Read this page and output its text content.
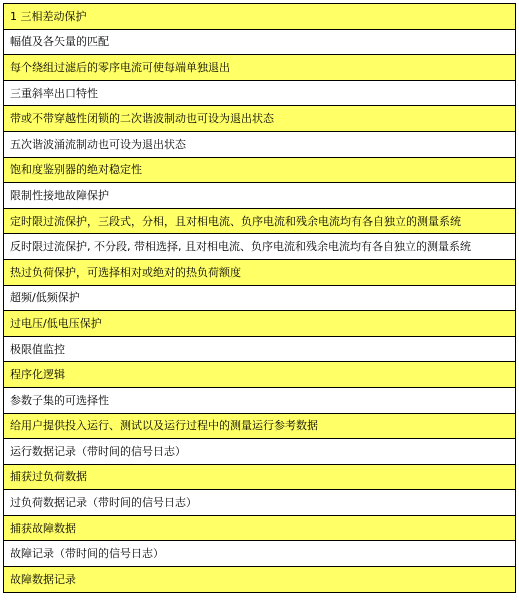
1 三相差动保护
幅值及各矢量的匹配
每个绕组过滤后的零序电流可使每端单独退出
三重斜率出口特性
带或不带穿越性闭锁的二次谐波制动也可设为退出状态
五次谐波涌流制动也可设为退出状态
饱和度鉴别器的绝对稳定性
限制性接地故障保护
定时限过流保护，三段式，分相，且对相电流、负序电流和残余电流均有各自独立的测量系统
反时限过流保护, 不分段, 带相选择, 且对相电流、负序电流和残余电流均有各自独立的测量系统
热过负荷保护，可选择相对或绝对的热负荷额度
超频/低频保护
过电压/低电压保护
极限值监控
程序化逻辑
参数子集的可选择性
给用户提供投入运行、测试以及运行过程中的测量运行参考数据
运行数据记录（带时间的信号日志）
捕获过负荷数据
过负荷数据记录（带时间的信号日志）
捕获故障数据
故障记录（带时间的信号日志）
故障数据记录
